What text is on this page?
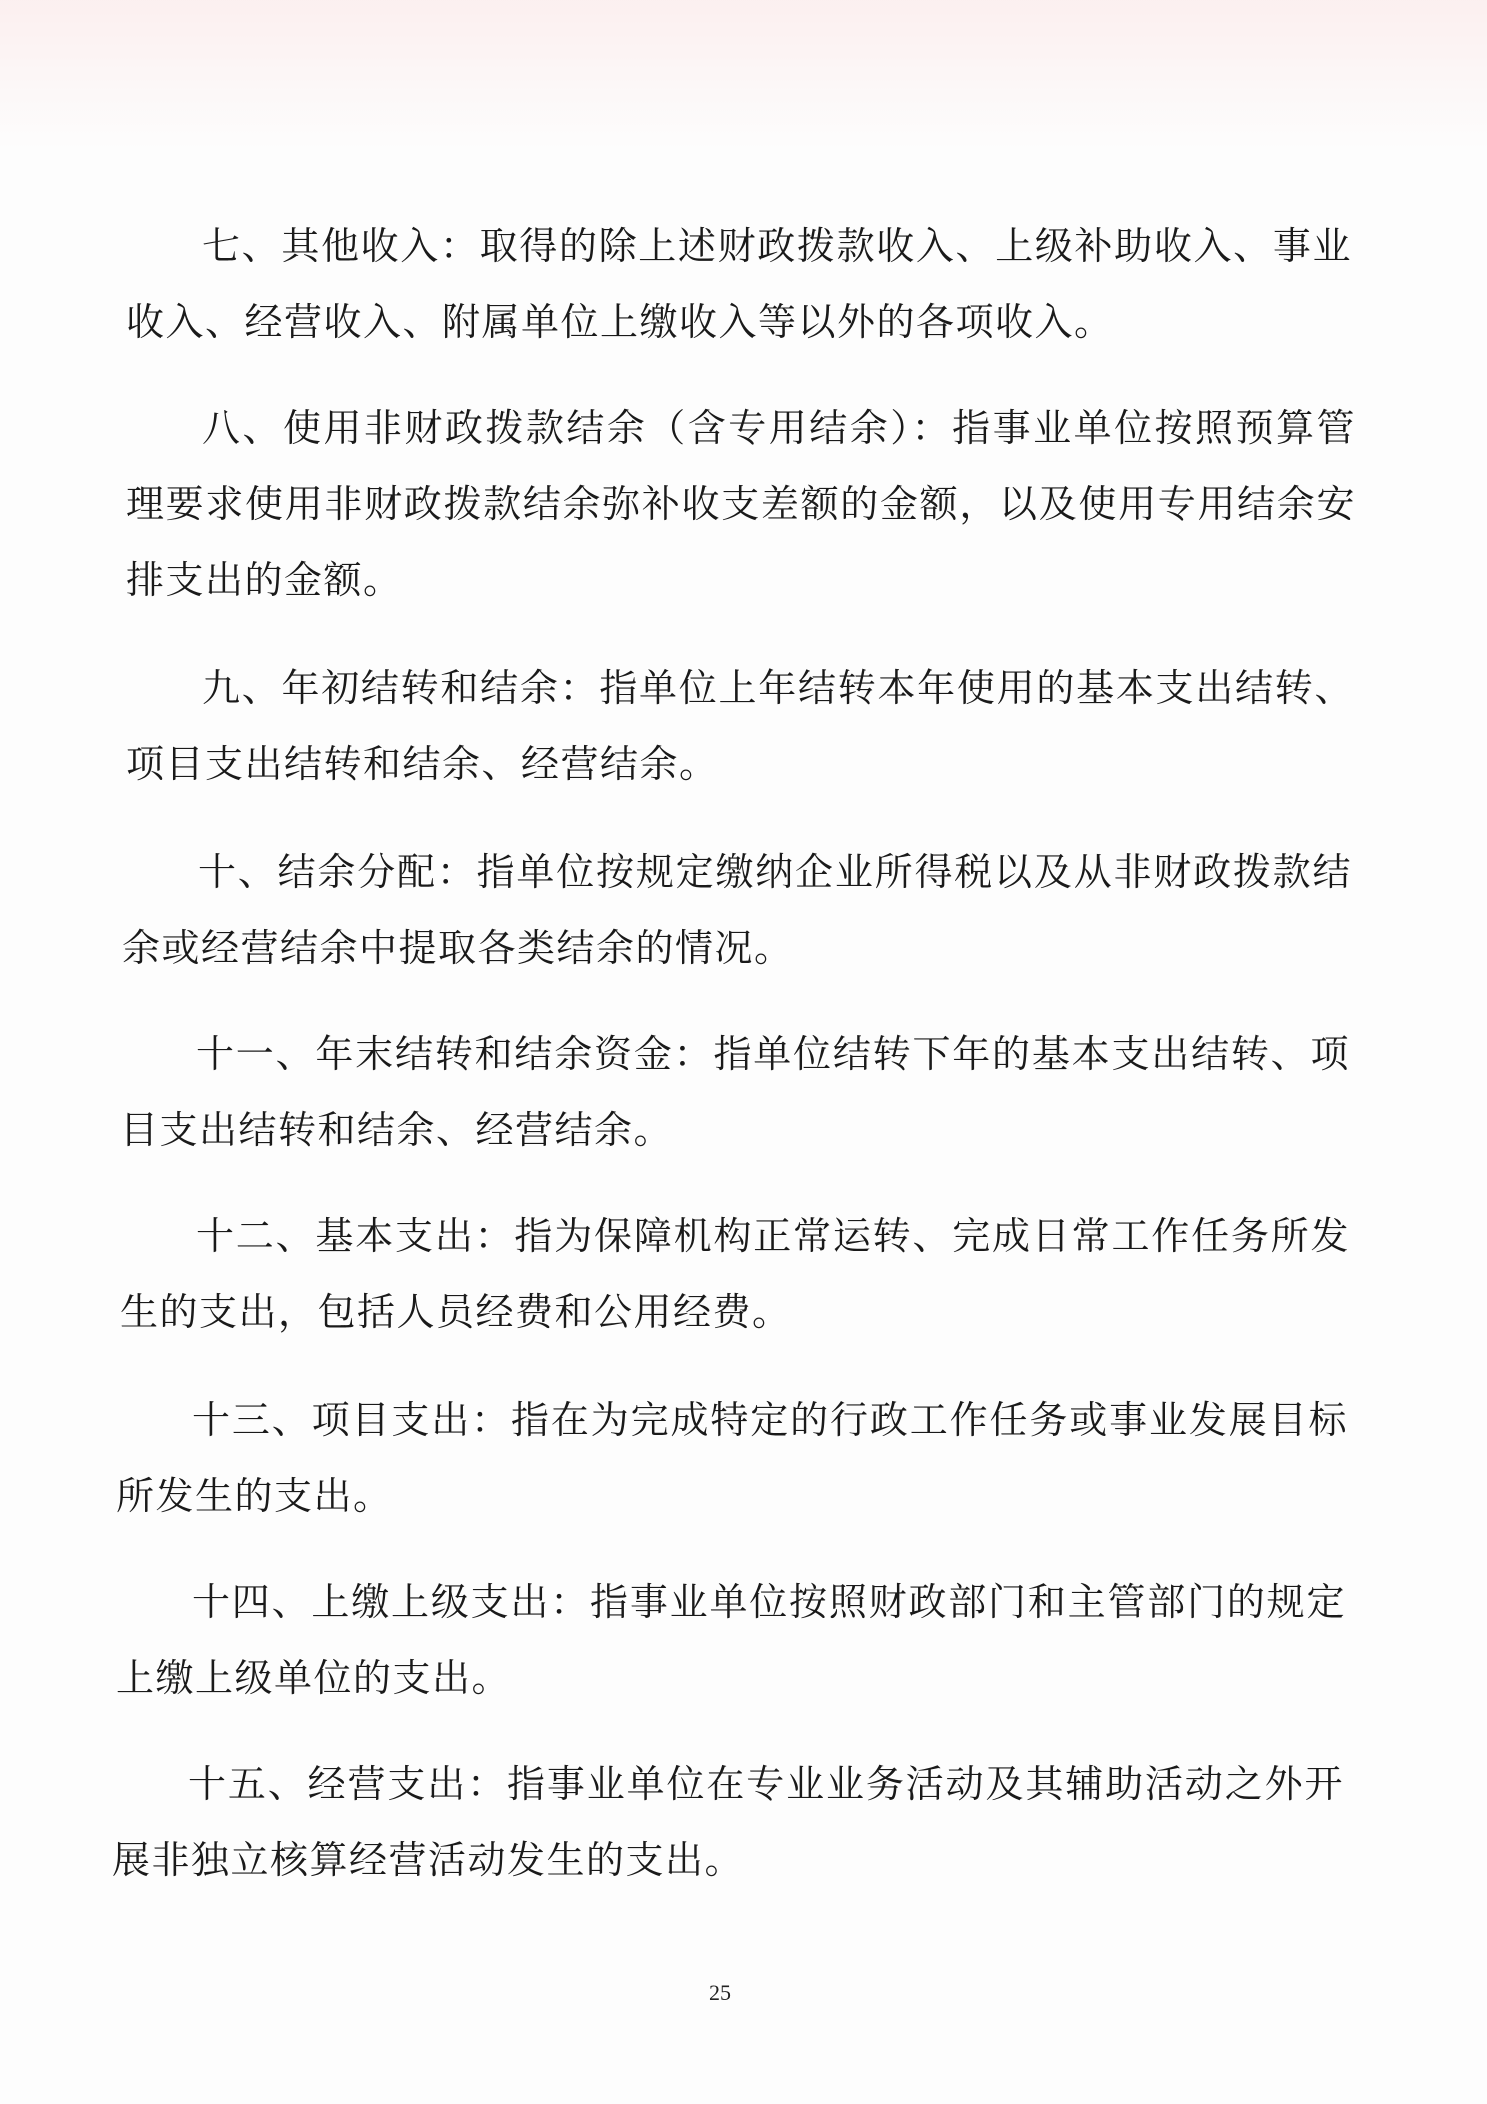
七、其他收入：取得的除上述财政拨款收入、上级补助收入、事业收入、经营收入、附属单位上缴收入等以外的各项收入。

八、使用非财政拨款结余（含专用结余）：指事业单位按照预算管理要求使用非财政拨款结余弥补收支差额的金额，以及使用专用结余安排支出的金额。

九、年初结转和结余：指单位上年结转本年使用的基本支出结转、项目支出结转和结余、经营结余。

十、结余分配：指单位按规定缴纳企业所得税以及从非财政拨款结余或经营结余中提取各类结余的情况。

十一、年末结转和结余资金：指单位结转下年的基本支出结转、项目支出结转和结余、经营结余。

十二、基本支出：指为保障机构正常运转、完成日常工作任务所发生的支出，包括人员经费和公用经费。

十三、项目支出：指在为完成特定的行政工作任务或事业发展目标所发生的支出。

十四、上缴上级支出：指事业单位按照财政部门和主管部门的规定上缴上级单位的支出。

十五、经营支出：指事业单位在专业业务活动及其辅助活动之外开展非独立核算经营活动发生的支出。

25
